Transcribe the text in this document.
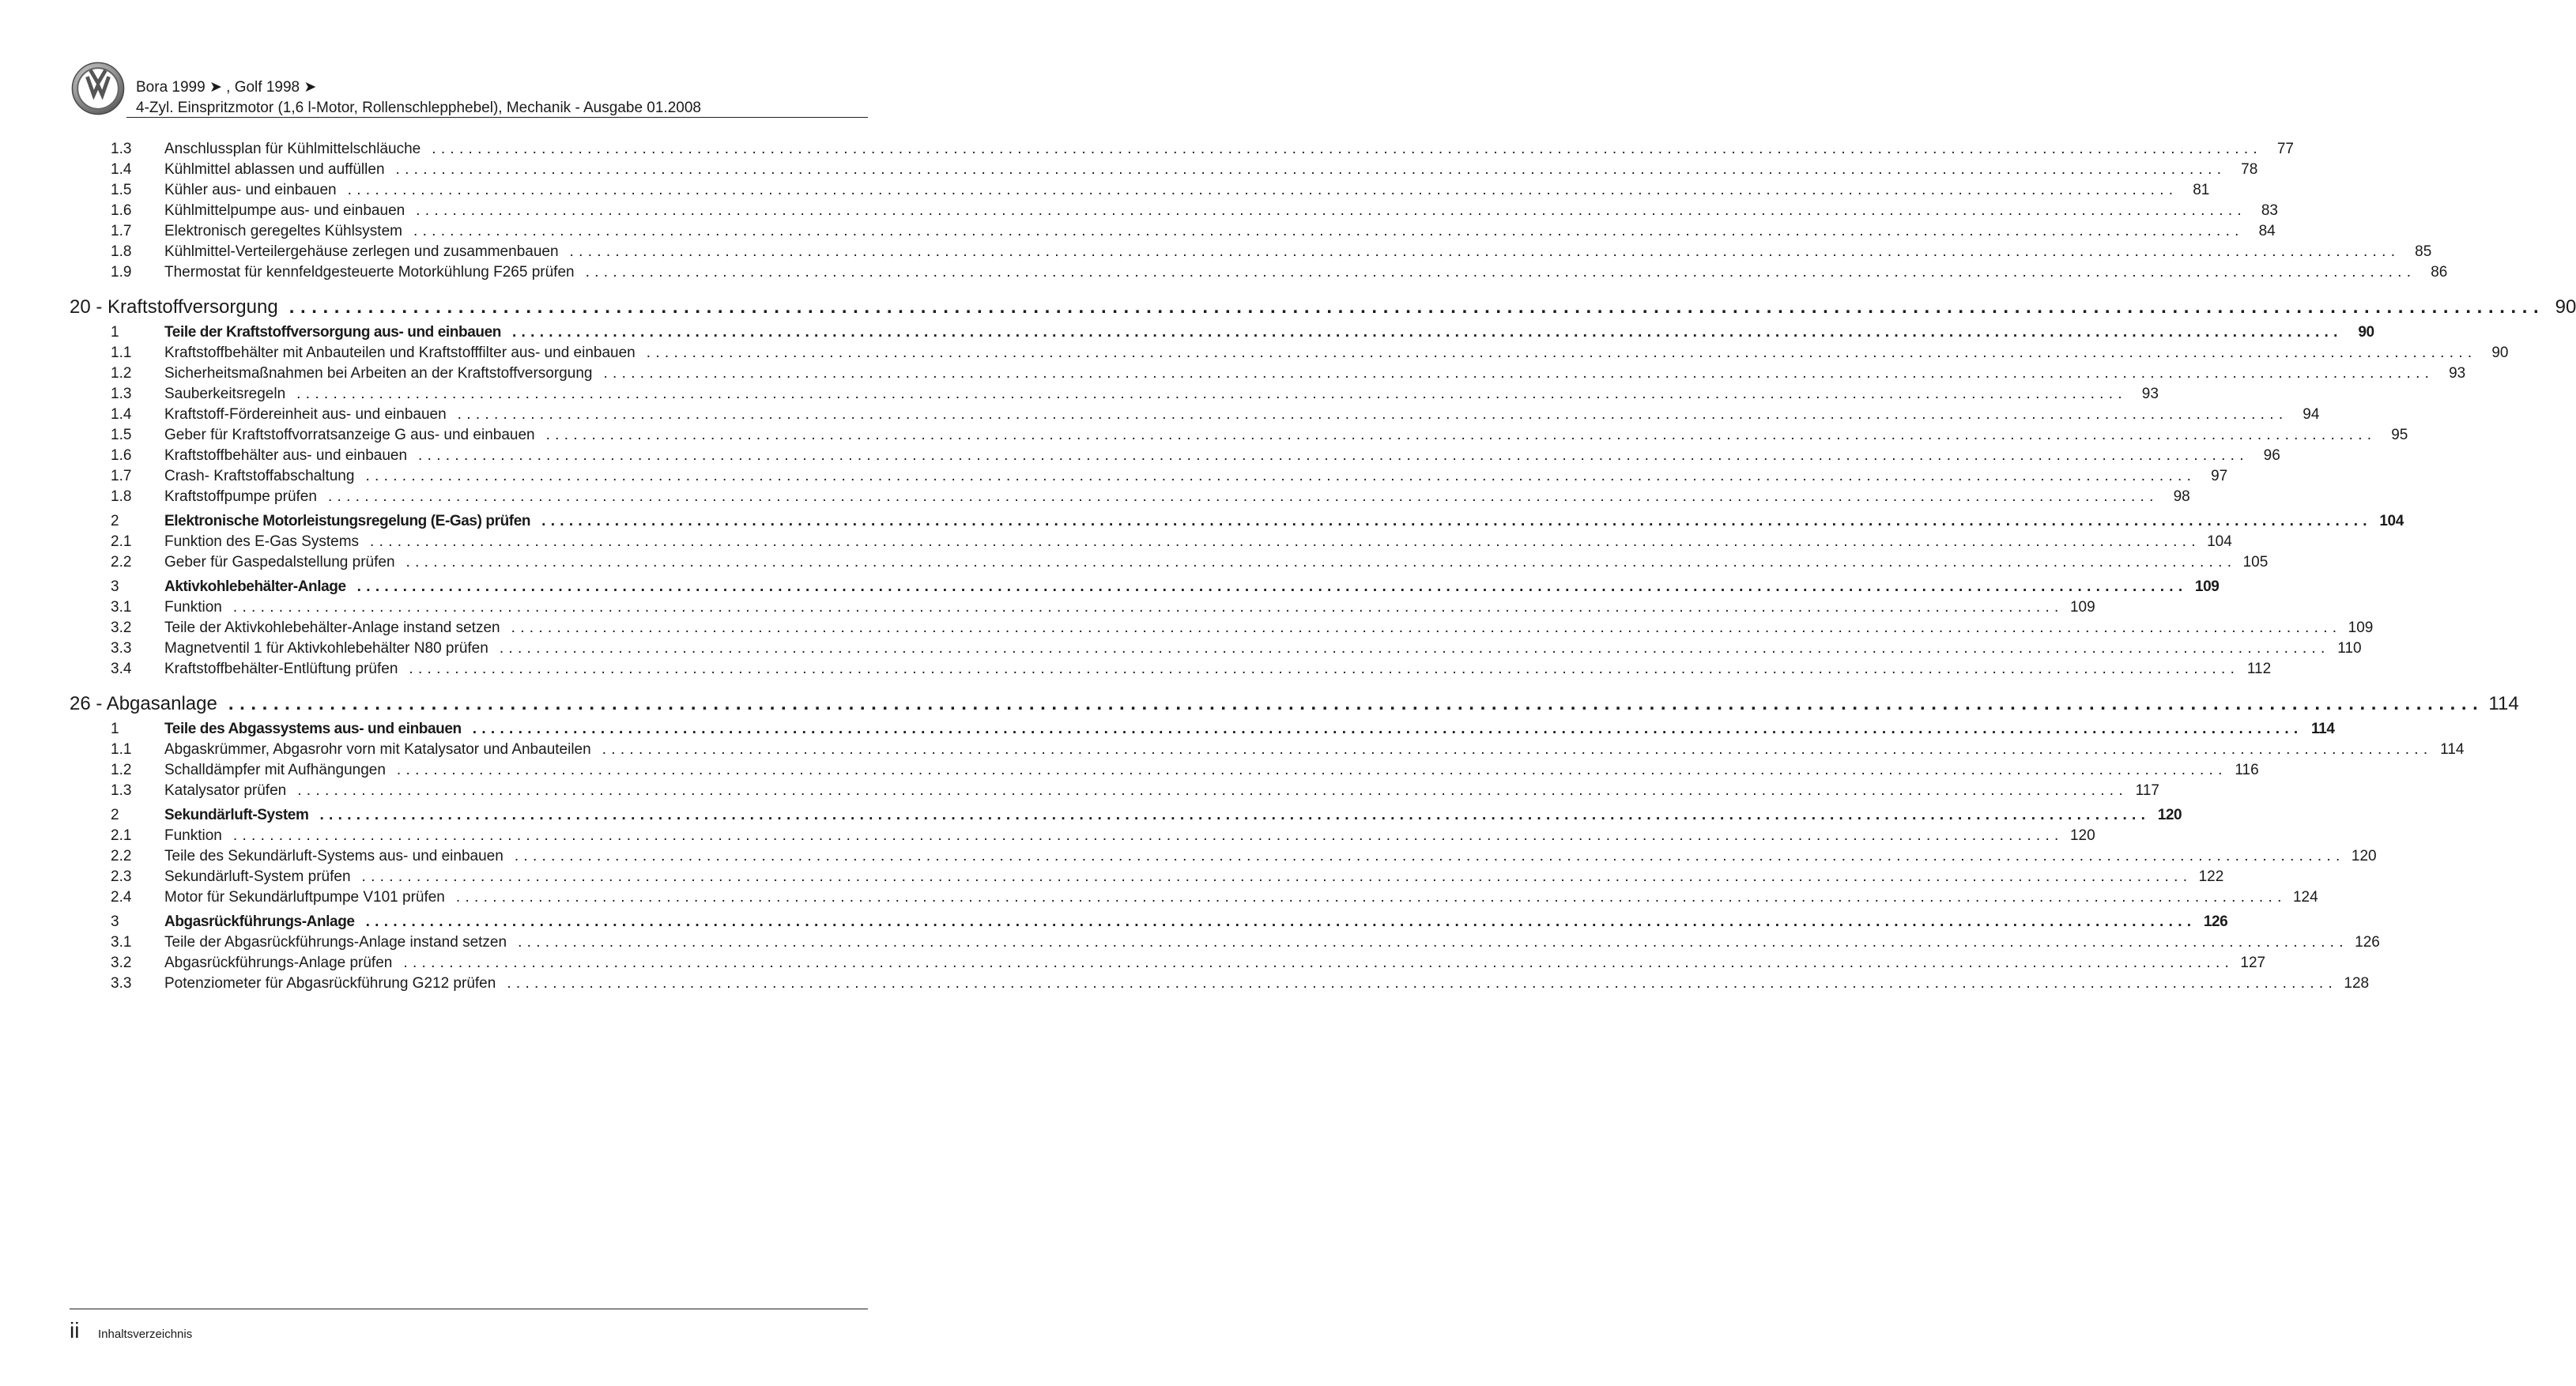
Bora 1999 ➤ , Golf 1998 ➤
4-Zyl. Einspritzmotor (1,6 l-Motor, Rollenschlepphebel), Mechanik - Ausgabe 01.2008
1.3	Anschlussplan für Kühlmittelschläuche ........................................................................................................................................................................................................ 77
1.4	Kühlmittel ablassen und auffüllen ........................................................................................................................................................................................................ 78
1.5	Kühler aus- und einbauen ........................................................................................................................................................................................................ 81
1.6	Kühlmittelpumpe aus- und einbauen ........................................................................................................................................................................................................ 83
1.7	Elektronisch geregeltes Kühlsystem ........................................................................................................................................................................................................ 84
1.8	Kühlmittel-Verteilergehäuse zerlegen und zusammenbauen ........................................................................................................................................................................................................ 85
1.9	Thermostat für kennfeldgesteuerte Motorkühlung F265 prüfen ........................................................................................................................................................................................................ 86
20 - Kraftstoffversorgung ........................................................................................................................................................................................................ 90
1	Teile der Kraftstoffversorgung aus- und einbauen ........................................................................................................................................................................................................	90
1.1	Kraftstoffbehälter mit Anbauteilen und Kraftstofffilter aus- und einbauen ........................................................................................................................................................................................................ 90
1.2	Sicherheitsmaßnahmen bei Arbeiten an der Kraftstoffversorgung ........................................................................................................................................................................................................ 93
1.3	Sauberkeitsregeln ........................................................................................................................................................................................................ 93
1.4	Kraftstoff-Fördereinheit aus- und einbauen ........................................................................................................................................................................................................ 94
1.5	Geber für Kraftstoffvorratsanzeige G aus- und einbauen ........................................................................................................................................................................................................ 95
1.6	Kraftstoffbehälter aus- und einbauen ........................................................................................................................................................................................................ 96
1.7	Crash- Kraftstoffabschaltung ........................................................................................................................................................................................................ 97
1.8	Kraftstoffpumpe prüfen ........................................................................................................................................................................................................ 98
2	Elektronische Motorleistungsregelung (E-Gas) prüfen ........................................................................................................................................................................................................ 104
2.1	Funktion des E-Gas Systems ........................................................................................................................................................................................................ 104
2.2	Geber für Gaspedalstellung prüfen ........................................................................................................................................................................................................ 105
3	Aktivkohlebehälter-Anlage ........................................................................................................................................................................................................ 109
3.1	Funktion ........................................................................................................................................................................................................ 109
3.2	Teile der Aktivkohlebehälter-Anlage instand setzen ........................................................................................................................................................................................................ 109
3.3	Magnetventil 1 für Aktivkohlebehälter N80 prüfen ........................................................................................................................................................................................................ 110
3.4	Kraftstoffbehälter-Entlüftung prüfen ........................................................................................................................................................................................................ 112
26 - Abgasanlage ........................................................................................................................................................................................................ 114
1	Teile des Abgassystems aus- und einbauen ........................................................................................................................................................................................................ 114
1.1	Abgaskrümmer, Abgasrohr vorn mit Katalysator und Anbauteilen ........................................................................................................................................................................................................ 114
1.2	Schalldämpfer mit Aufhängungen ........................................................................................................................................................................................................ 116
1.3	Katalysator prüfen ........................................................................................................................................................................................................ 117
2	Sekundärluft-System ........................................................................................................................................................................................................ 120
2.1	Funktion ........................................................................................................................................................................................................ 120
2.2	Teile des Sekundärluft-Systems aus- und einbauen ........................................................................................................................................................................................................ 120
2.3	Sekundärluft-System prüfen ........................................................................................................................................................................................................ 122
2.4	Motor für Sekundärluftpumpe V101 prüfen ........................................................................................................................................................................................................ 124
3	Abgasrückführungs-Anlage ........................................................................................................................................................................................................ 126
3.1	Teile der Abgasrückführungs-Anlage instand setzen ........................................................................................................................................................................................................ 126
3.2	Abgasrückführungs-Anlage prüfen ........................................................................................................................................................................................................ 127
3.3	Potenziometer für Abgasrückführung G212 prüfen ........................................................................................................................................................................................................ 128
ii Inhaltsverzeichnis
